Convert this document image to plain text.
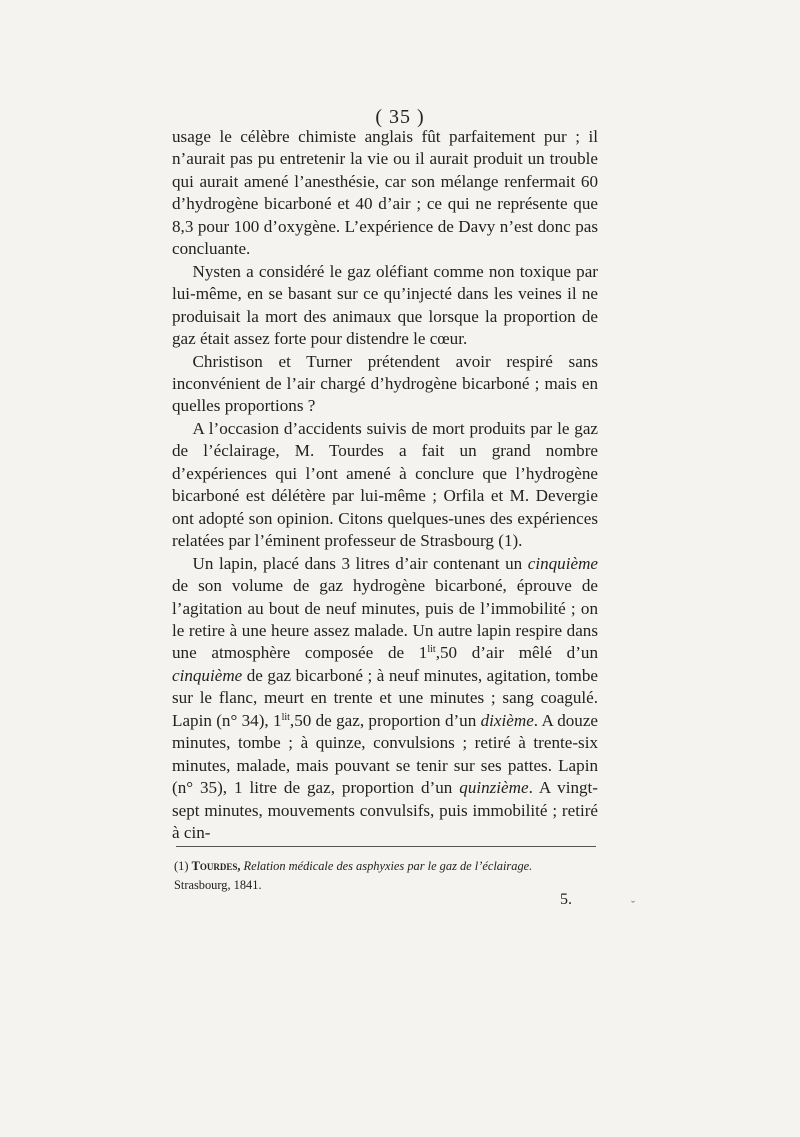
( 35 )

usage le célèbre chimiste anglais fût parfaitement pur ; il n’aurait pas pu entretenir la vie ou il aurait produit un trouble qui aurait amené l’anesthésie, car son mélange renfermait 60 d’hydrogène bicarboné et 40 d’air ; ce qui ne représente que 8,3 pour 100 d’oxygène. L’expérience de Davy n’est donc pas concluante.

Nysten a considéré le gaz oléfiant comme non toxique par lui-même, en se basant sur ce qu’injecté dans les veines il ne produisait la mort des animaux que lorsque la proportion de gaz était assez forte pour distendre le cœur.

Christison et Turner prétendent avoir respiré sans inconvénient de l’air chargé d’hydrogène bicarboné ; mais en quelles proportions ?

A l’occasion d’accidents suivis de mort produits par le gaz de l’éclairage, M. Tourdes a fait un grand nombre d’expériences qui l’ont amené à conclure que l’hydrogène bicarboné est délétère par lui-même ; Orfila et M. Devergie ont adopté son opinion. Citons quelques-unes des expériences relatées par l’éminent professeur de Strasbourg (1).

Un lapin, placé dans 3 litres d’air contenant un cinquième de son volume de gaz hydrogène bicarboné, éprouve de l’agitation au bout de neuf minutes, puis de l’immobilité ; on le retire à une heure assez malade. Un autre lapin respire dans une atmosphère composée de $1^{lit},50$ d’air mêlé d’un cinquième de gaz bicarboné ; à neuf minutes, agitation, tombe sur le flanc, meurt en trente et une minutes ; sang coagulé. Lapin (n° 34), $1^{lit},50$ de gaz, proportion d’un dixième. A douze minutes, tombe ; à quinze, convulsions ; retiré à trente-six minutes, malade, mais pouvant se tenir sur ses pattes. Lapin (n° 35), 1 litre de gaz, proportion d’un quinzième. A vingt-sept minutes, mouvements convulsifs, puis immobilité ; retiré à cin-

(1) Tourdes, Relation médicale des asphyxies par le gaz de l’éclairage.
Strasbourg, 1841.
5.	ˇ
